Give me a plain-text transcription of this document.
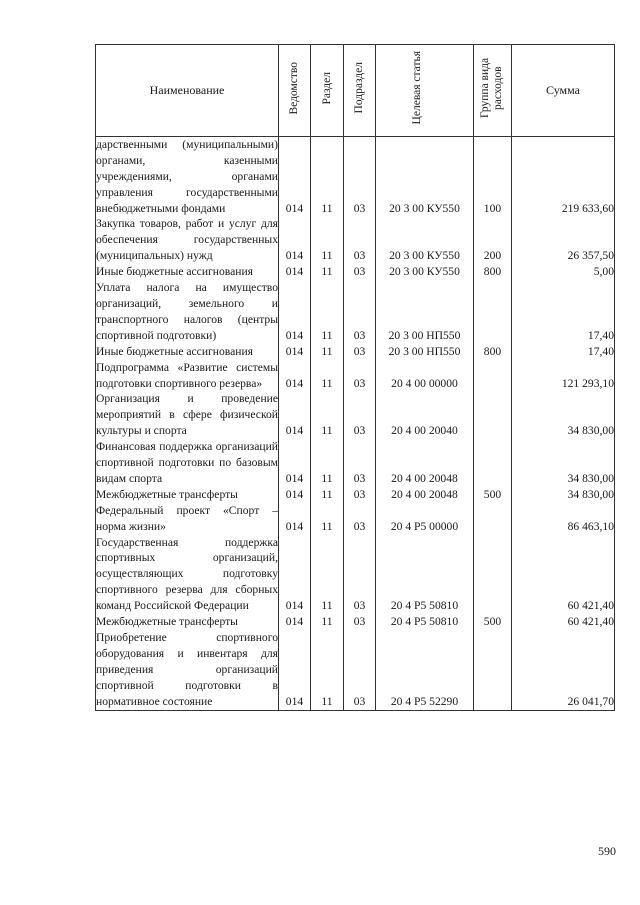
Наименование	Ведомство	Раздел	Подраздел	Целевая статья	Группа вида расходов	Сумма
дарственными (муниципальными) органами, казенными учреждениями, органами управления государственными внебюджетными фондами	014	11	03	20 3 00 КУ550	100	219 633,60
Закупка товаров, работ и услуг для обеспечения государственных (муниципальных) нужд	014	11	03	20 3 00 КУ550	200	26 357,50
Иные бюджетные ассигнования	014	11	03	20 3 00 КУ550	800	5,00
Уплата налога на имущество организаций, земельного и транспортного налогов (центры спортивной подготовки)	014	11	03	20 3 00 НП550		17,40
Иные бюджетные ассигнования	014	11	03	20 3 00 НП550	800	17,40
Подпрограмма «Развитие системы подготовки спортивного резерва»	014	11	03	20 4 00 00000		121 293,10
Организация и проведение мероприятий в сфере физической культуры и спорта	014	11	03	20 4 00 20040		34 830,00
Финансовая поддержка организаций спортивной подготовки по базовым видам спорта	014	11	03	20 4 00 20048		34 830,00
Межбюджетные трансферты	014	11	03	20 4 00 20048	500	34 830,00
Федеральный проект «Спорт – норма жизни»	014	11	03	20 4 P5 00000		86 463,10
Государственная поддержка спортивных организаций, осуществляющих подготовку спортивного резерва для сборных команд Российской Федерации	014	11	03	20 4 P5 50810		60 421,40
Межбюджетные трансферты	014	11	03	20 4 P5 50810	500	60 421,40
Приобретение спортивного оборудования и инвентаря для приведения организаций спортивной подготовки в нормативное состояние	014	11	03	20 4 P5 52290		26 041,70
590
